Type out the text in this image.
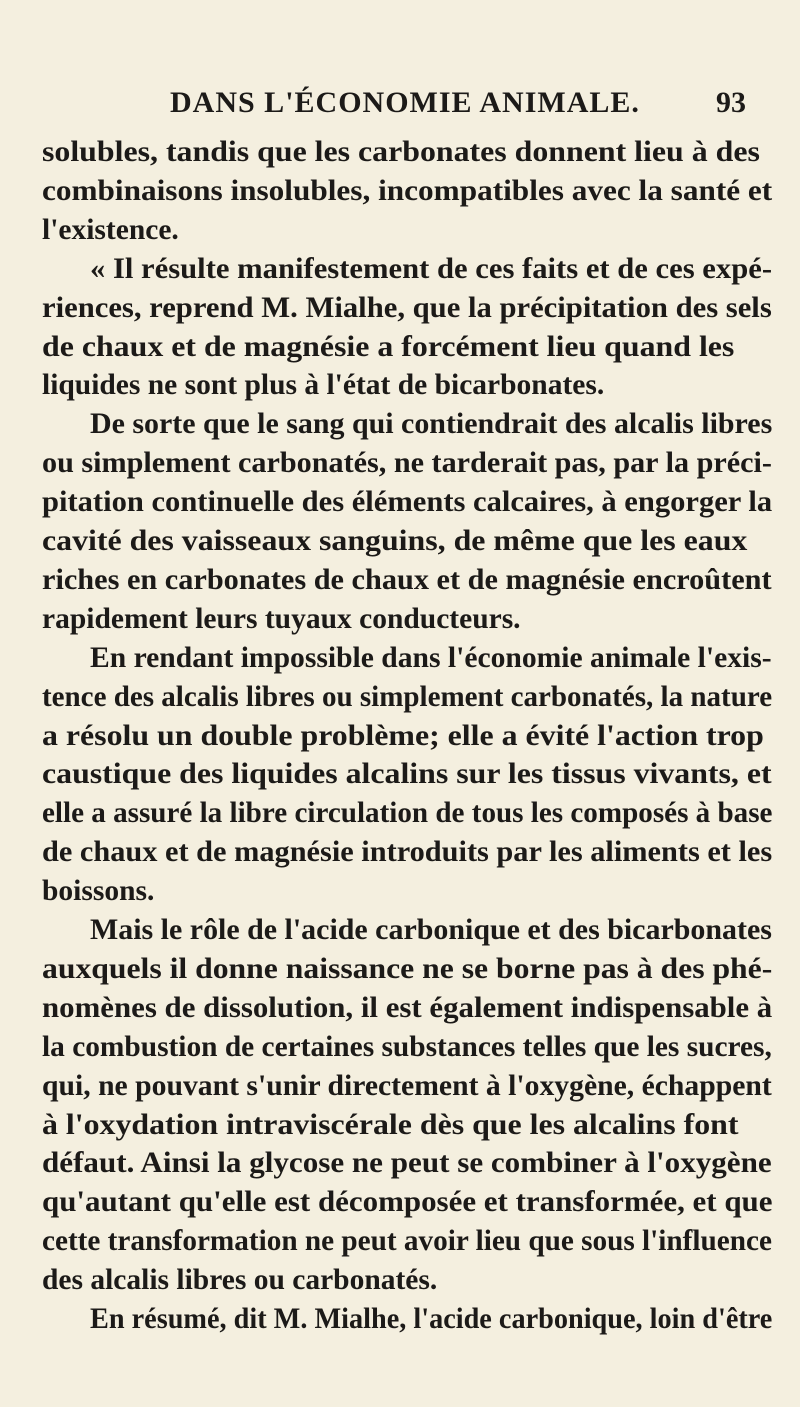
DANS L'ÉCONOMIE ANIMALE.	93
solubles, tandis que les carbonates donnent lieu à des
combinaisons insolubles, incompatibles avec la santé et
l'existence.
« Il résulte manifestement de ces faits et de ces expé-
riences, reprend M. Mialhe, que la précipitation des sels
de chaux et de magnésie a forcément lieu quand les
liquides ne sont plus à l'état de bicarbonates.
De sorte que le sang qui contiendrait des alcalis libres
ou simplement carbonatés, ne tarderait pas, par la préci-
pitation continuelle des éléments calcaires, à engorger la
cavité des vaisseaux sanguins, de même que les eaux
riches en carbonates de chaux et de magnésie encroûtent
rapidement leurs tuyaux conducteurs.
En rendant impossible dans l'économie animale l'exis-
tence des alcalis libres ou simplement carbonatés, la nature
a résolu un double problème; elle a évité l'action trop
caustique des liquides alcalins sur les tissus vivants, et
elle a assuré la libre circulation de tous les composés à base
de chaux et de magnésie introduits par les aliments et les
boissons.
Mais le rôle de l'acide carbonique et des bicarbonates
auxquels il donne naissance ne se borne pas à des phé-
nomènes de dissolution, il est également indispensable à
la combustion de certaines substances telles que les sucres,
qui, ne pouvant s'unir directement à l'oxygène, échappent
à l'oxydation intraviscérale dès que les alcalins font
défaut. Ainsi la glycose ne peut se combiner à l'oxygène
qu'autant qu'elle est décomposée et transformée, et que
cette transformation ne peut avoir lieu que sous l'influence
des alcalis libres ou carbonatés.
En résumé, dit M. Mialhe, l'acide carbonique, loin d'être
